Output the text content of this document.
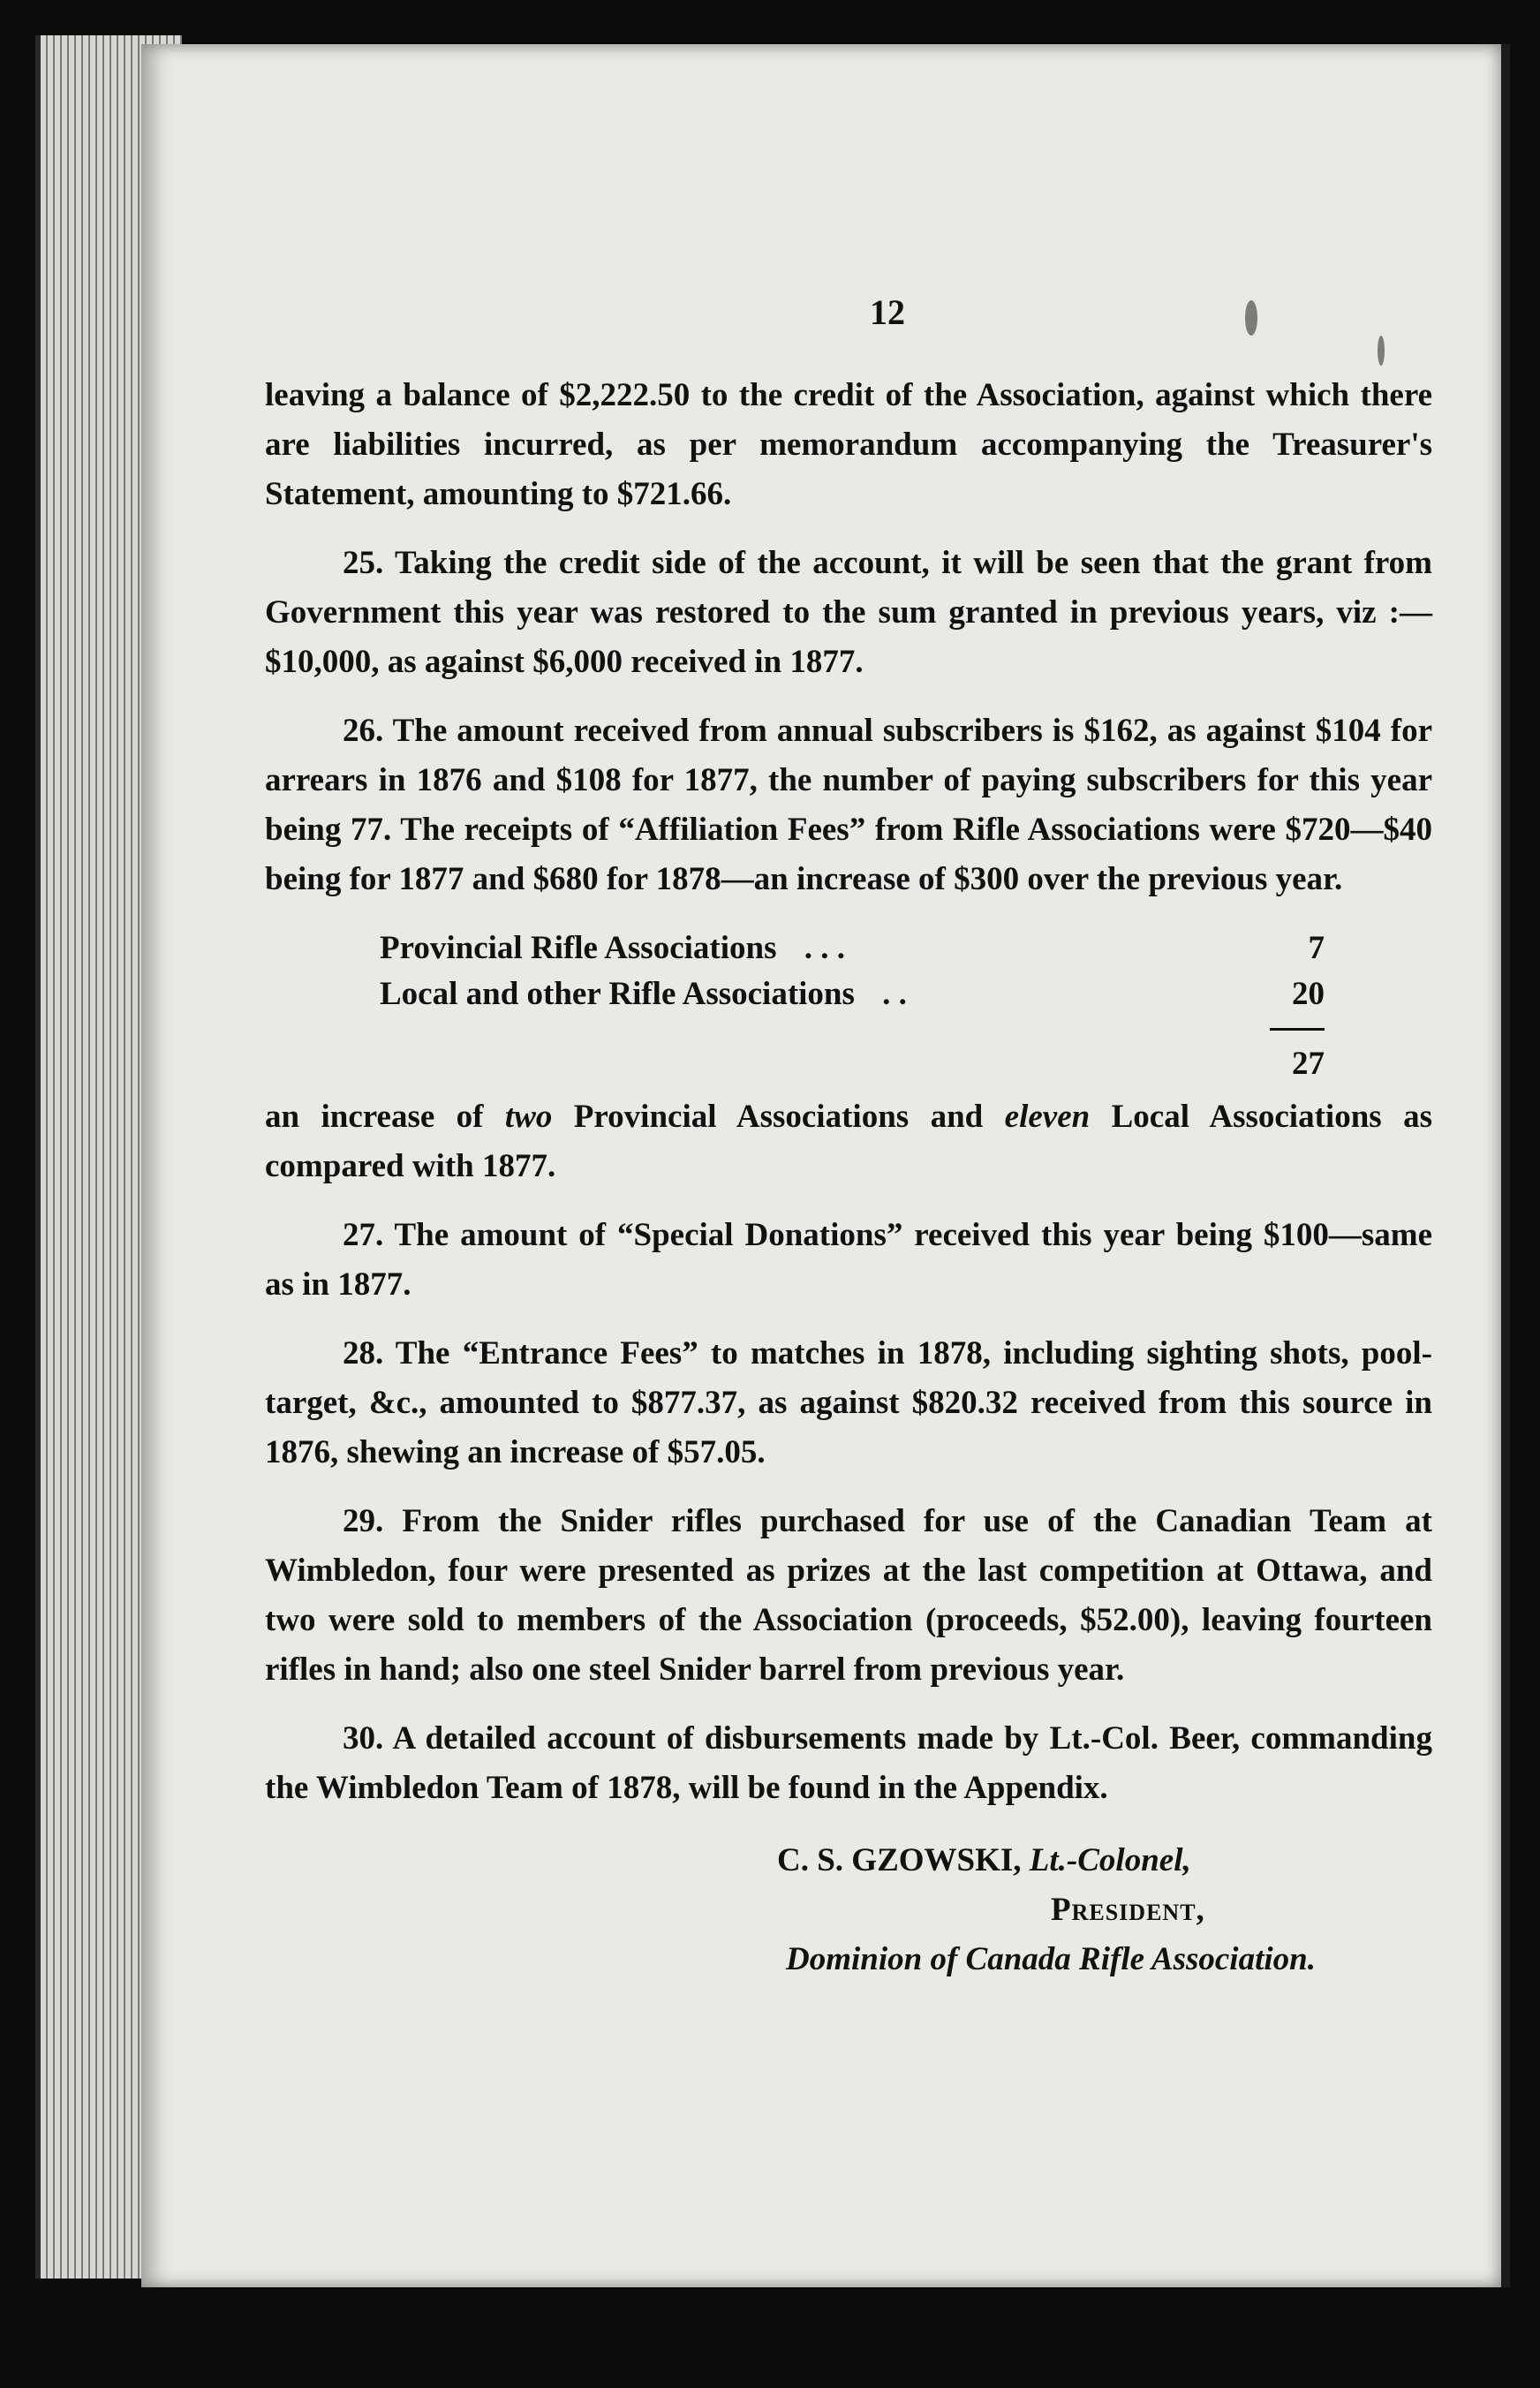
12

leaving a balance of $2,222.50 to the credit of the Association, against which there are liabilities incurred, as per memorandum accompanying the Treasurer's Statement, amounting to $721.66.

25. Taking the credit side of the account, it will be seen that the grant from Government this year was restored to the sum granted in previous years, viz :—$10,000, as against $6,000 received in 1877.

26. The amount received from annual subscribers is $162, as against $104 for arrears in 1876 and $108 for 1877, the number of paying subscribers for this year being 77. The receipts of “Affiliation Fees” from Rifle Associations were $720—$40 being for 1877 and $680 for 1878—an increase of $300 over the previous year.

Provincial Rifle Associations . . .	7
Local and other Rifle Associations . .	20
27

an increase of two Provincial Associations and eleven Local Associations as compared with 1877.

27. The amount of “Special Donations” received this year being $100—same as in 1877.

28. The “Entrance Fees” to matches in 1878, including sighting shots, pool-target, &c., amounted to $877.37, as against $820.32 received from this source in 1876, shewing an increase of $57.05.

29. From the Snider rifles purchased for use of the Canadian Team at Wimbledon, four were presented as prizes at the last competition at Ottawa, and two were sold to members of the Association (proceeds, $52.00), leaving fourteen rifles in hand; also one steel Snider barrel from previous year.

30. A detailed account of disbursements made by Lt.-Col. Beer, commanding the Wimbledon Team of 1878, will be found in the Appendix.

C. S. GZOWSKI, Lt.-Colonel,
President,
Dominion of Canada Rifle Association.
